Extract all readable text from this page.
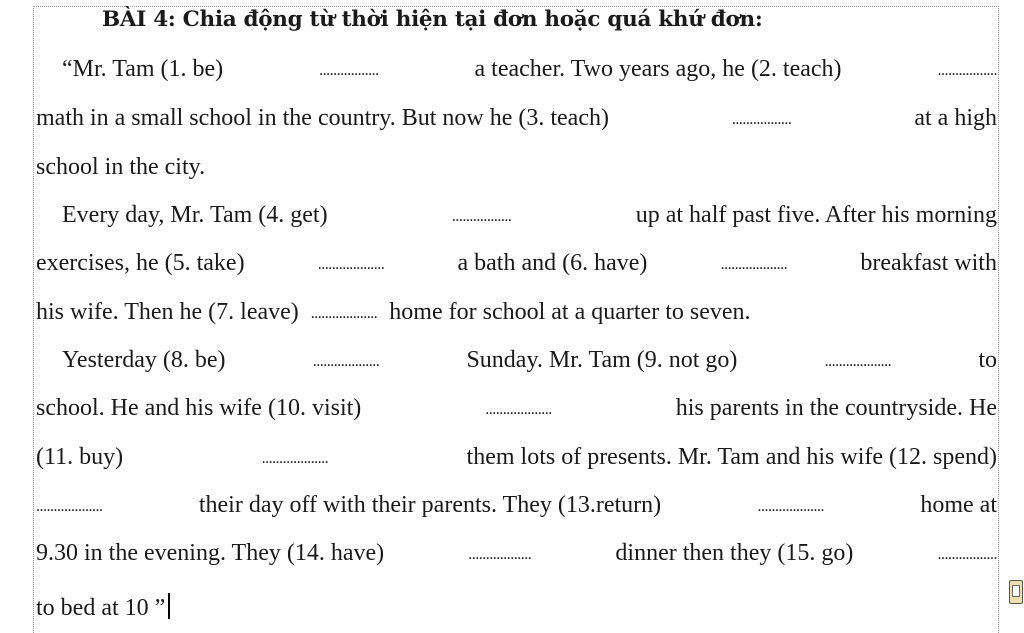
BÀI 4: Chia động từ thời hiện tại đơn hoặc quá khứ đơn:
“Mr. Tam (1. be)	.................	a teacher. Two years ago, he (2. teach)	.................
math in a small school in the country. But now he (3. teach)	.................	at a high
school in the city.
Every day, Mr. Tam (4. get)	.................	up at half past five. After his morning
exercises, he (5. take)	...................	a bath and (6. have)	...................	breakfast with
his wife. Then he (7. leave) ................... home for school at a quarter to seven.
Yesterday (8. be)	...................	Sunday. Mr. Tam (9. not go)	...................	to
school. He and his wife (10. visit)	...................	his parents in the countryside. He
(11. buy)	...................	them lots of presents. Mr. Tam and his wife (12. spend)
...................	their day off with their parents. They (13.return)	...................	home at
9.30 in the evening. They (14. have)	..................	dinner then they (15. go)	.................
to bed at 10 ”
